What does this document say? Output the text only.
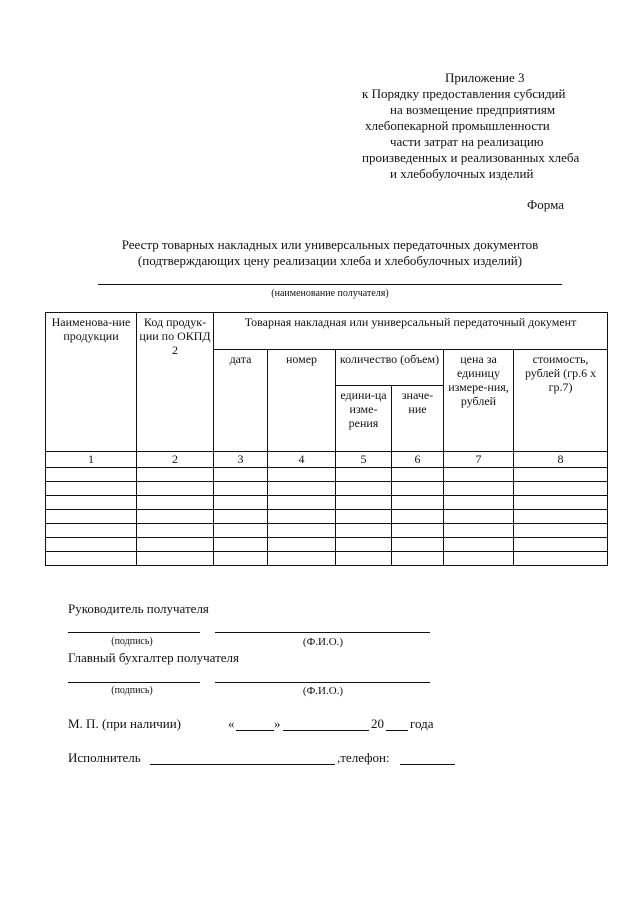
Приложение 3
к Порядку предоставления субсидий
на возмещение предприятиям
хлебопекарной промышленности
части затрат на реализацию
произведенных и реализованных хлеба
и хлебобулочных изделий
Форма
Реестр товарных накладных или универсальных передаточных документов
(подтверждающих цену реализации хлеба и хлебобулочных изделий)
(наименование получателя)
Наименова-ние продукции	Код продук-ции по ОКПД 2	Товарная накладная или универсальный передаточный документ					
		дата	номер	количество (объем)		цена за единицу измере-ния, рублей	стоимость, рублей (гр.6 х гр.7)
				едини-ца изме-рения	значе-ние		
1	2	3	4	5	6	7	8

Руководитель получателя
(подпись)	(Ф.И.О.)
Главный бухгалтер получателя
(подпись)	(Ф.И.О.)
М. П. (при наличии)	«	»	20 года
Исполнитель	,телефон:
